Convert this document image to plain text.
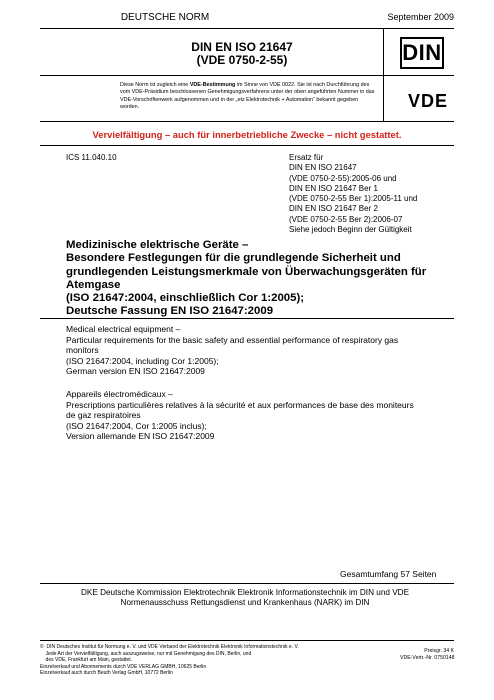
DEUTSCHE NORM	September 2009
DIN EN ISO 21647
(VDE 0750-2-55)	DIN
Diese Norm ist zugleich eine VDE-Bestimmung im Sinne von VDE 0022. Sie ist nach Durchführung des vom VDE-Präsidium beschlossenen Genehmigungsverfahrens unter der oben angeführten Nummer in das VDE-Vorschriftenwerk aufgenommen und in der „etz Elektrotechnik + Automation“ bekannt gegeben worden.	VDE
Vervielfältigung – auch für innerbetriebliche Zwecke – nicht gestattet.
ICS 11.040.10	Ersatz für
DIN EN ISO 21647
(VDE 0750-2-55):2005-06 und
DIN EN ISO 21647 Ber 1
(VDE 0750-2-55 Ber 1):2005-11 und
DIN EN ISO 21647 Ber 2
(VDE 0750-2-55 Ber 2):2006-07
Siehe jedoch Beginn der Gültigkeit
Medizinische elektrische Geräte –
Besondere Festlegungen für die grundlegende Sicherheit und
grundlegenden Leistungsmerkmale von Überwachungsgeräten für
Atemgase
(ISO 21647:2004, einschließlich Cor 1:2005);
Deutsche Fassung EN ISO 21647:2009
Medical electrical equipment –
Particular requirements for the basic safety and essential performance of respiratory gas
monitors
(ISO 21647:2004, including Cor 1:2005);
German version EN ISO 21647:2009
Appareils électromédicaux –
Prescriptions particulières relatives à la sécurité et aux performances de base des moniteurs
de gaz respiratoires
(ISO 21647:2004, Cor 1:2005 inclus);
Version allemande EN ISO 21647:2009
Gesamtumfang 57 Seiten
DKE Deutsche Kommission Elektrotechnik Elektronik Informationstechnik im DIN und VDE
Normenausschuss Rettungsdienst und Krankenhaus (NARK) im DIN
©  DIN Deutsches Institut für Normung e. V. und VDE Verband der Elektrotechnik Elektronik Informationstechnik e. V.
Jede Art der Vervielfältigung, auch auszugsweise, nur mit Genehmigung des DIN, Berlin, und
des VDE, Frankfurt am Main, gestattet.
Einzelverkauf und Abonnements durch VDE VERLAG GMBH, 10625 Berlin
Einzelverkauf auch durch Beuth Verlag GmbH, 10772 Berlin
Preisgr. 34 K
VDE-Vertr.-Nr. 0750148
